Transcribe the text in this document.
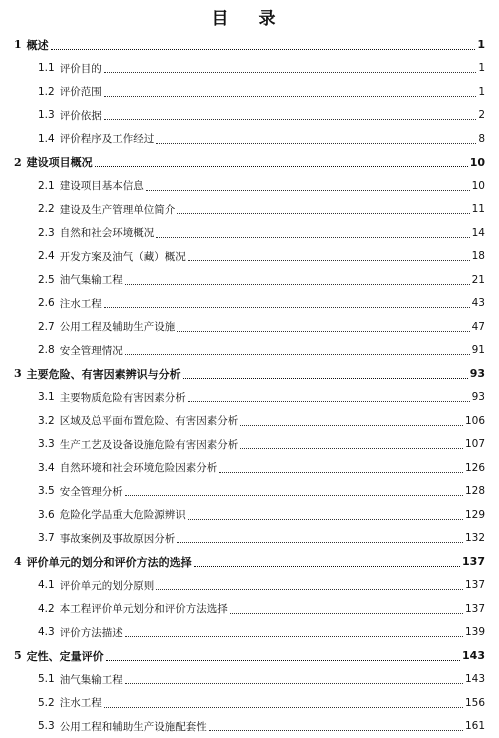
目 录
1 概述	1
1.1 评价目的	1
1.2 评价范围	1
1.3 评价依据	2
1.4 评价程序及工作经过	8
2 建设项目概况	10
2.1 建设项目基本信息	10
2.2 建设及生产管理单位简介	11
2.3 自然和社会环境概况	14
2.4 开发方案及油气（藏）概况	18
2.5 油气集输工程	21
2.6 注水工程	43
2.7 公用工程及辅助生产设施	47
2.8 安全管理情况	91
3 主要危险、有害因素辨识与分析	93
3.1 主要物质危险有害因素分析	93
3.2 区域及总平面布置危险、有害因素分析	106
3.3 生产工艺及设备设施危险有害因素分析	107
3.4 自然环境和社会环境危险因素分析	126
3.5 安全管理分析	128
3.6 危险化学品重大危险源辨识	129
3.7 事故案例及事故原因分析	132
4 评价单元的划分和评价方法的选择	137
4.1 评价单元的划分原则	137
4.2 本工程评价单元划分和评价方法选择	137
4.3 评价方法描述	139
5 定性、定量评价	143
5.1 油气集输工程	143
5.2 注水工程	156
5.3 公用工程和辅助生产设施配套性	161
